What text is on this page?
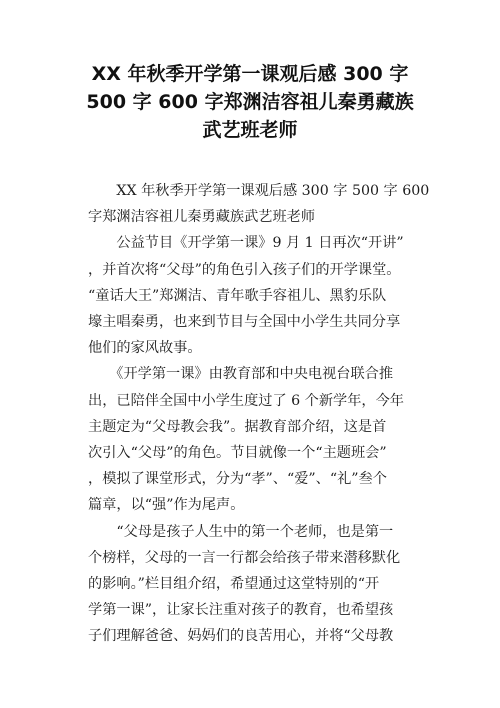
XX 年秋季开学第一课观后感 300 字
500 字 600 字郑渊洁容祖儿秦勇藏族
武艺班老师

　　XX 年秋季开学第一课观后感 300 字 500 字 600
字郑渊洁容祖儿秦勇藏族武艺班老师

　　公益节目《开学第一课》9 月 1 日再次“开讲”
，并首次将“父母”的角色引入孩子们的开学课堂。
“童话大王”郑渊洁、青年歌手容祖儿、黑豹乐队
壕主唱秦勇，也来到节目与全国中小学生共同分享
他们的家风故事。

　　《开学第一课》由教育部和中央电视台联合推
出，已陪伴全国中小学生度过了 6 个新学年，今年
主题定为“父母教会我”。据教育部介绍，这是首
次引入“父母”的角色。节目就像一个“主题班会”
，模拟了课堂形式，分为“孝”、“爱”、“礼”叁个
篇章，以“强”作为尾声。

　　“父母是孩子人生中的第一个老师，也是第一
个榜样，父母的一言一行都会给孩子带来潜移默化
的影响。”栏目组介绍，希望通过这堂特别的“开
学第一课”，让家长注重对孩子的教育，也希望孩
子们理解爸爸、妈妈们的良苦用心，并将“父母教
